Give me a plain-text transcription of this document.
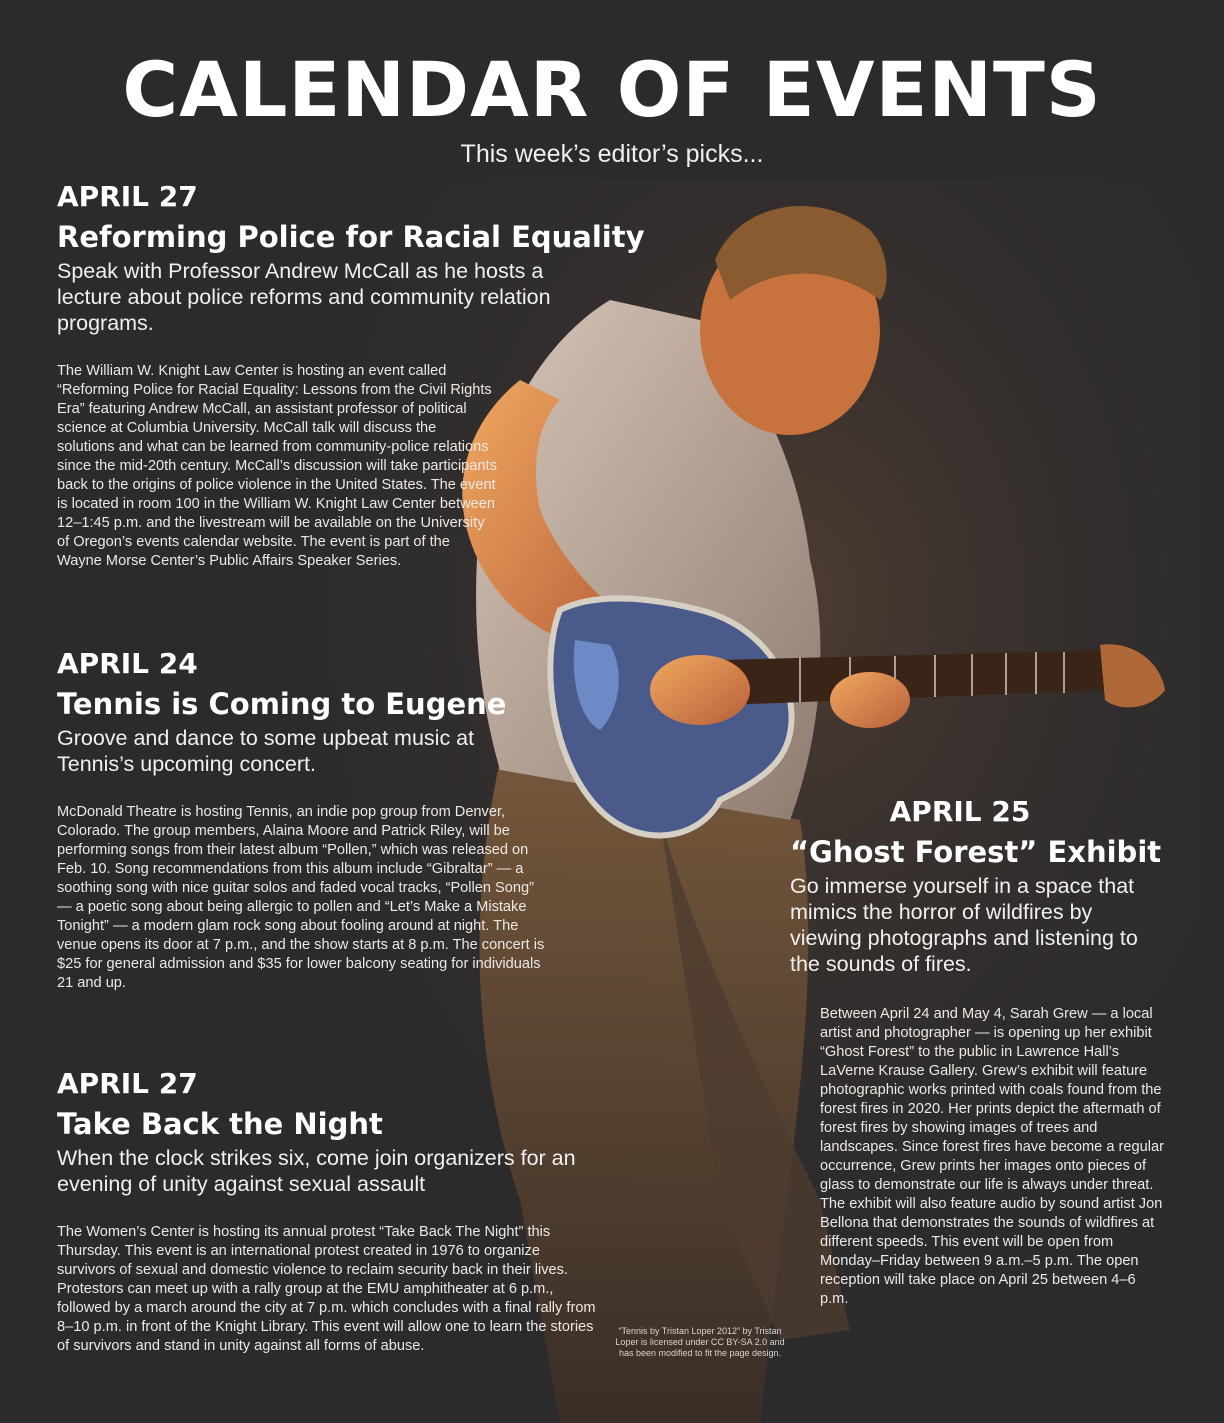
CALENDAR OF EVENTS
This week’s editor’s picks...
APRIL 27
Reforming Police for Racial Equality
Speak with Professor Andrew McCall as he hosts a lecture about police reforms and community relation programs.
The William W. Knight Law Center is hosting an event called “Reforming Police for Racial Equality: Lessons from the Civil Rights Era” featuring Andrew McCall, an assistant professor of political science at Columbia University. McCall talk will discuss the solutions and what can be learned from community-police relations since the mid-20th century. McCall’s discussion will take participants back to the origins of police violence in the United States. The event is located in room 100 in the William W. Knight Law Center between 12–1:45 p.m. and the livestream will be available on the University of Oregon’s events calendar website. The event is part of the Wayne Morse Center’s Public Affairs Speaker Series.
APRIL 24
Tennis is Coming to Eugene
Groove and dance to some upbeat music at Tennis’s upcoming concert.
McDonald Theatre is hosting Tennis, an indie pop group from Denver, Colorado. The group members, Alaina Moore and Patrick Riley, will be performing songs from their latest album “Pollen,” which was released on Feb. 10. Song recommendations from this album include “Gibraltar” — a soothing song with nice guitar solos and faded vocal tracks, “Pollen Song” — a poetic song about being allergic to pollen and “Let’s Make a Mistake Tonight” — a modern glam rock song about fooling around at night. The venue opens its door at 7 p.m., and the show starts at 8 p.m. The concert is $25 for general admission and $35 for lower balcony seating for individuals 21 and up.
APRIL 27
Take Back the Night
When the clock strikes six, come join organizers for an evening of unity against sexual assault
The Women’s Center is hosting its annual protest “Take Back The Night” this Thursday. This event is an international protest created in 1976 to organize survivors of sexual and domestic violence to reclaim security back in their lives. Protestors can meet up with a rally group at the EMU amphitheater at 6 p.m., followed by a march around the city at 7 p.m. which concludes with a final rally from 8–10 p.m. in front of the Knight Library. This event will allow one to learn the stories of survivors and stand in unity against all forms of abuse.
APRIL 25
“Ghost Forest” Exhibit
Go immerse yourself in a space that mimics the horror of wildfires by viewing photographs and listening to the sounds of fires.
Between April 24 and May 4, Sarah Grew — a local artist and photographer — is opening up her exhibit “Ghost Forest” to the public in Lawrence Hall’s LaVerne Krause Gallery. Grew’s exhibit will feature photographic works printed with coals found from the forest fires in 2020. Her prints depict the aftermath of forest fires by showing images of trees and landscapes. Since forest fires have become a regular occurrence, Grew prints her images onto pieces of glass to demonstrate our life is always under threat. The exhibit will also feature audio by sound artist Jon Bellona that demonstrates the sounds of wildfires at different speeds. This event will be open from Monday–Friday between 9 a.m.–5 p.m. The open reception will take place on April 25 between 4–6 p.m.
“Tennis by Tristan Loper 2012” by Tristan Loper is licensed under CC BY-SA 2.0 and has been modified to fit the page design.
